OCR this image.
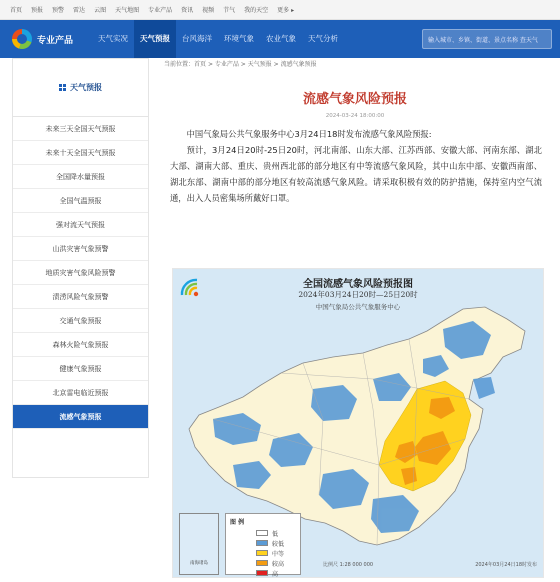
首页 预报 预警 雷达 云图 天气地图 专业产品 资讯 视频 节气 我的天空 更多 ▸
专业产品	天气实况	天气预报	台风海洋	环境气象	农业气象	天气分析	输入城市、乡镇、街道、景点名称 查天气
天气预报
未来三天全国天气预报
未来十天全国天气预报
全国降水量预报
全国气温预报
强对流天气预报
山洪灾害气象预警
地质灾害气象风险预警
渍涝风险气象预警
交通气象预报
森林火险气象预报
健康气象预报
北京雷电临近预报
流感气象预报
当前位置：首页 > 专业产品 > 天气预报 > 流感气象预报
流感气象风险预报
2024-03-24 18:00:00

中国气象局公共气象服务中心3月24日18时发布流感气象风险预报:

预计，3月24日20时-25日20时，河北南部、山东大部、江苏西部、安徽大部、河南东部、湖北大部、湖南大部、重庆、贵州西北部的部分地区有中等流感气象风险，其中山东中部、安徽西南部、湖北东部、湖南中部的部分地区有较高流感气象风险。请采取积极有效的防护措施，保持室内空气流通，出入人员密集场所戴好口罩。

全国流感气象风险预报图
2024年03月24日20时—25日20时
中国气象局公共气象服务中心
南海诸岛
图 例
低
较低
中等
较高
高
比例尺 1:28 000 000	2024年03月24日18时发布
